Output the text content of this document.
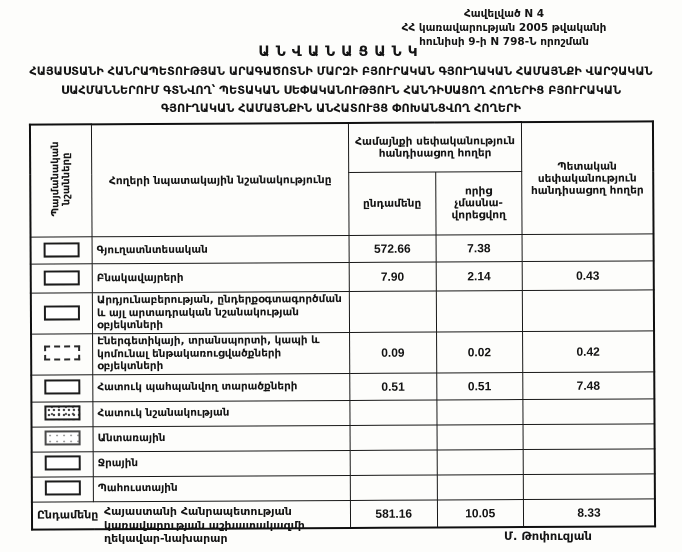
Հավելված N 4
ՀՀ կառավարության 2005 թվականի
հունիսի 9-ի N 798-Ն որոշման
ԱՆՎԱՆԱՑԱՆԿ
ՀԱՅԱՍՏԱՆԻ ՀԱՆՐԱՊԵՏՈՒԹՅԱՆ ԱՐԱԳԱԾՈՏՆԻ ՄԱՐԶԻ ԲՅՈՒՐԱԿԱՆ ԳՅՈՒՂԱԿԱՆ ՀԱՄԱՅՆՔԻ ՎԱՐՉԱԿԱՆ
ՍԱՀՄԱՆՆԵՐՈՒՄ ԳՏՆՎՈՂ՝ ՊԵՏԱԿԱՆ ՍԵՓԱԿԱՆՈՒԹՅՈՒՆ ՀԱՆԴԻՍԱՑՈՂ ՀՈՂԵՐԻՑ ԲՅՈՒՐԱԿԱՆ
ԳՅՈՒՂԱԿԱՆ ՀԱՄԱՅՆՔԻՆ ԱՆՀԱՏՈՒՅՑ ՓՈԽԱՆՑՎՈՂ ՀՈՂԵՐԻ
Պայմանական
նշանները	Հողերի նպատակային նշանակությունը	Համայնքի սեփականություն
հանդիսացող հողեր		Պետական
սեփականություն
հանդիսացող հողեր
		ընդամենը	որից չմասնա-
վորեցվող	
	Գյուղատնտեսական	572.66	7.38	
	Բնակավայրերի	7.90	2.14	0.43
	Արդյունաբերության, ընդերքօգտագործման և այլ արտադրական նշանակության օբյեկտների			
	Էներգետիկայի, տրանսպորտի, կապի և կոմունալ ենթակառուցվածքների օբյեկտների	0.09	0.02	0.42
	Հատուկ պահպանվող տարածքների	0.51	0.51	7.48
	Հատուկ նշանակության			
	Անտառային			
	Ջրային			
	Պահուստային			
Ընդամենը		581.16	10.05	8.33
Հայաստանի Հանրապետության
կառավարության աշխատակազմի
ղեկավար-նախարար	Մ. Թոփուզյան
